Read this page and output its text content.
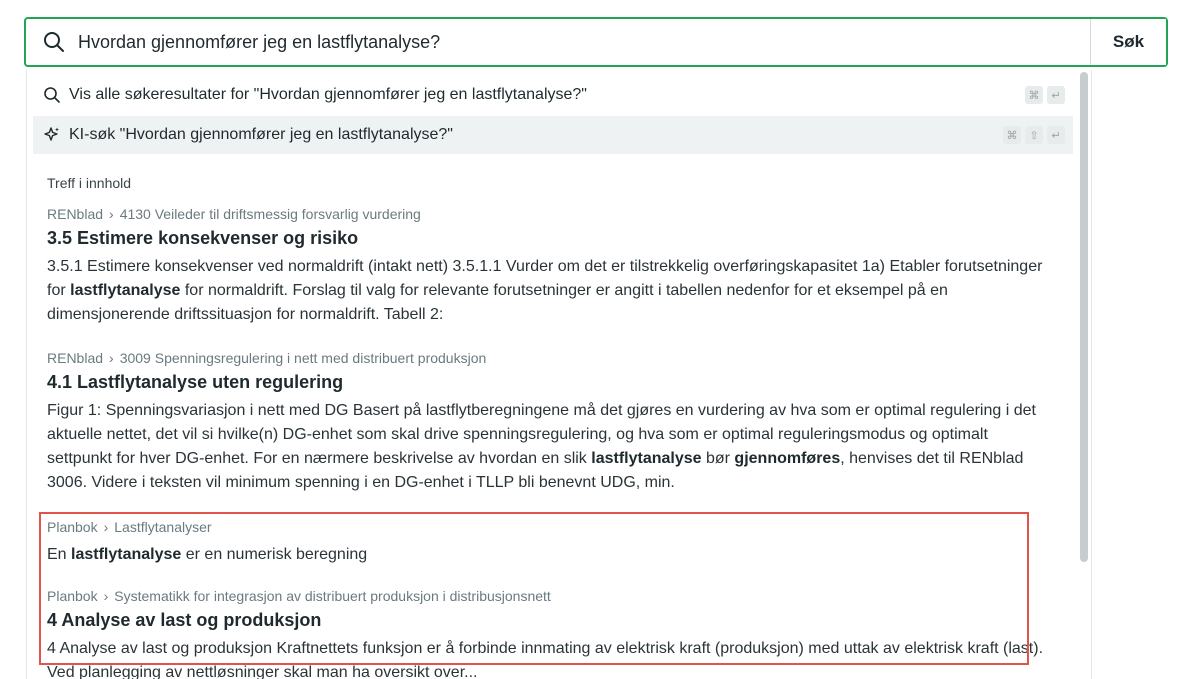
Hvordan gjennomfører jeg en lastflytanalyse?
Søk
Vis alle søkeresultater for "Hvordan gjennomfører jeg en lastflytanalyse?"	⌘	↵
KI-søk "Hvordan gjennomfører jeg en lastflytanalyse?"	⌘	⇧	↵
Treff i innhold
RENblad › 4130 Veileder til driftsmessig forsvarlig vurdering
3.5 Estimere konsekvenser og risiko
3.5.1 Estimere konsekvenser ved normaldrift (intakt nett) 3.5.1.1 Vurder om det er tilstrekkelig overføringskapasitet 1a) Etabler forutsetninger for lastflytanalyse for normaldrift. Forslag til valg for relevante forutsetninger er angitt i tabellen nedenfor for et eksempel på en dimensjonerende driftssituasjon for normaldrift. Tabell 2:
RENblad › 3009 Spenningsregulering i nett med distribuert produksjon
4.1 Lastflytanalyse uten regulering
Figur 1: Spenningsvariasjon i nett med DG Basert på lastflytberegningene må det gjøres en vurdering av hva som er optimal regulering i det aktuelle nettet, det vil si hvilke(n) DG-enhet som skal drive spenningsregulering, og hva som er optimal reguleringsmodus og optimalt settpunkt for hver DG-enhet. For en nærmere beskrivelse av hvordan en slik lastflytanalyse bør gjennomføres, henvises det til RENblad 3006. Videre i teksten vil minimum spenning i en DG-enhet i TLLP bli benevnt UDG, min.
Planbok › Lastflytanalyser
En lastflytanalyse er en numerisk beregning
Planbok › Systematikk for integrasjon av distribuert produksjon i distribusjonsnett
4 Analyse av last og produksjon
4 Analyse av last og produksjon Kraftnettets funksjon er å forbinde innmating av elektrisk kraft (produksjon) med uttak av elektrisk kraft (last). Ved planlegging av nettløsninger skal man ha oversikt over...
